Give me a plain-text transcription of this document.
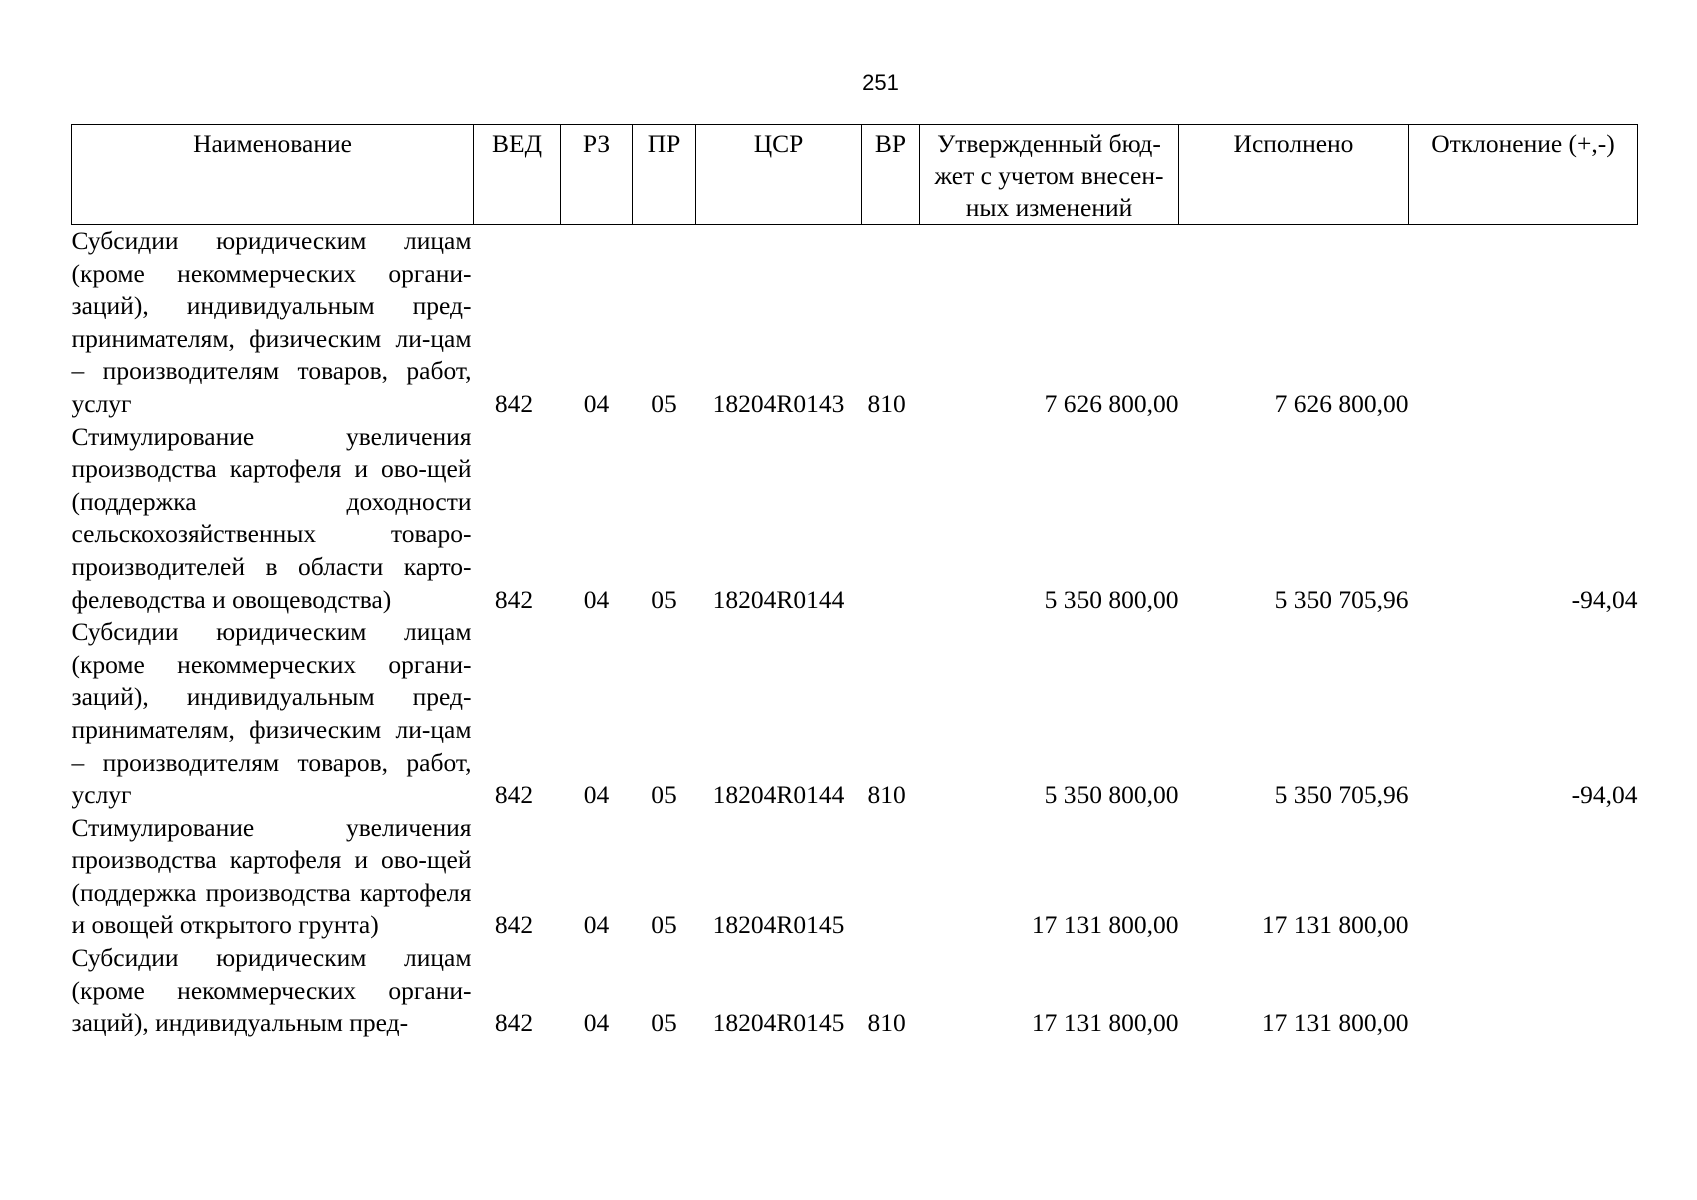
251
Наименование	ВЕД	РЗ	ПР	ЦСР	ВР	Утвержденный бюд-жет с учетом внесен-ных изменений	Исполнено	Отклонение (+,-)
Субсидии юридическим лицам (кроме некоммерческих органи-заций), индивидуальным пред-принимателям, физическим ли-цам – производителям товаров, работ, услуг	842	04	05	18204R0143	810	7 626 800,00	7 626 800,00	
Стимулирование увеличения производства картофеля и ово-щей (поддержка доходности сельскохозяйственных товаро-производителей в области карто-фелеводства и овощеводства)	842	04	05	18204R0144		5 350 800,00	5 350 705,96	-94,04
Субсидии юридическим лицам (кроме некоммерческих органи-заций), индивидуальным пред-принимателям, физическим ли-цам – производителям товаров, работ, услуг	842	04	05	18204R0144	810	5 350 800,00	5 350 705,96	-94,04
Стимулирование увеличения производства картофеля и ово-щей (поддержка производства картофеля и овощей открытого грунта)	842	04	05	18204R0145		17 131 800,00	17 131 800,00	
Субсидии юридическим лицам (кроме некоммерческих органи-заций), индивидуальным пред-	842	04	05	18204R0145	810	17 131 800,00	17 131 800,00	
